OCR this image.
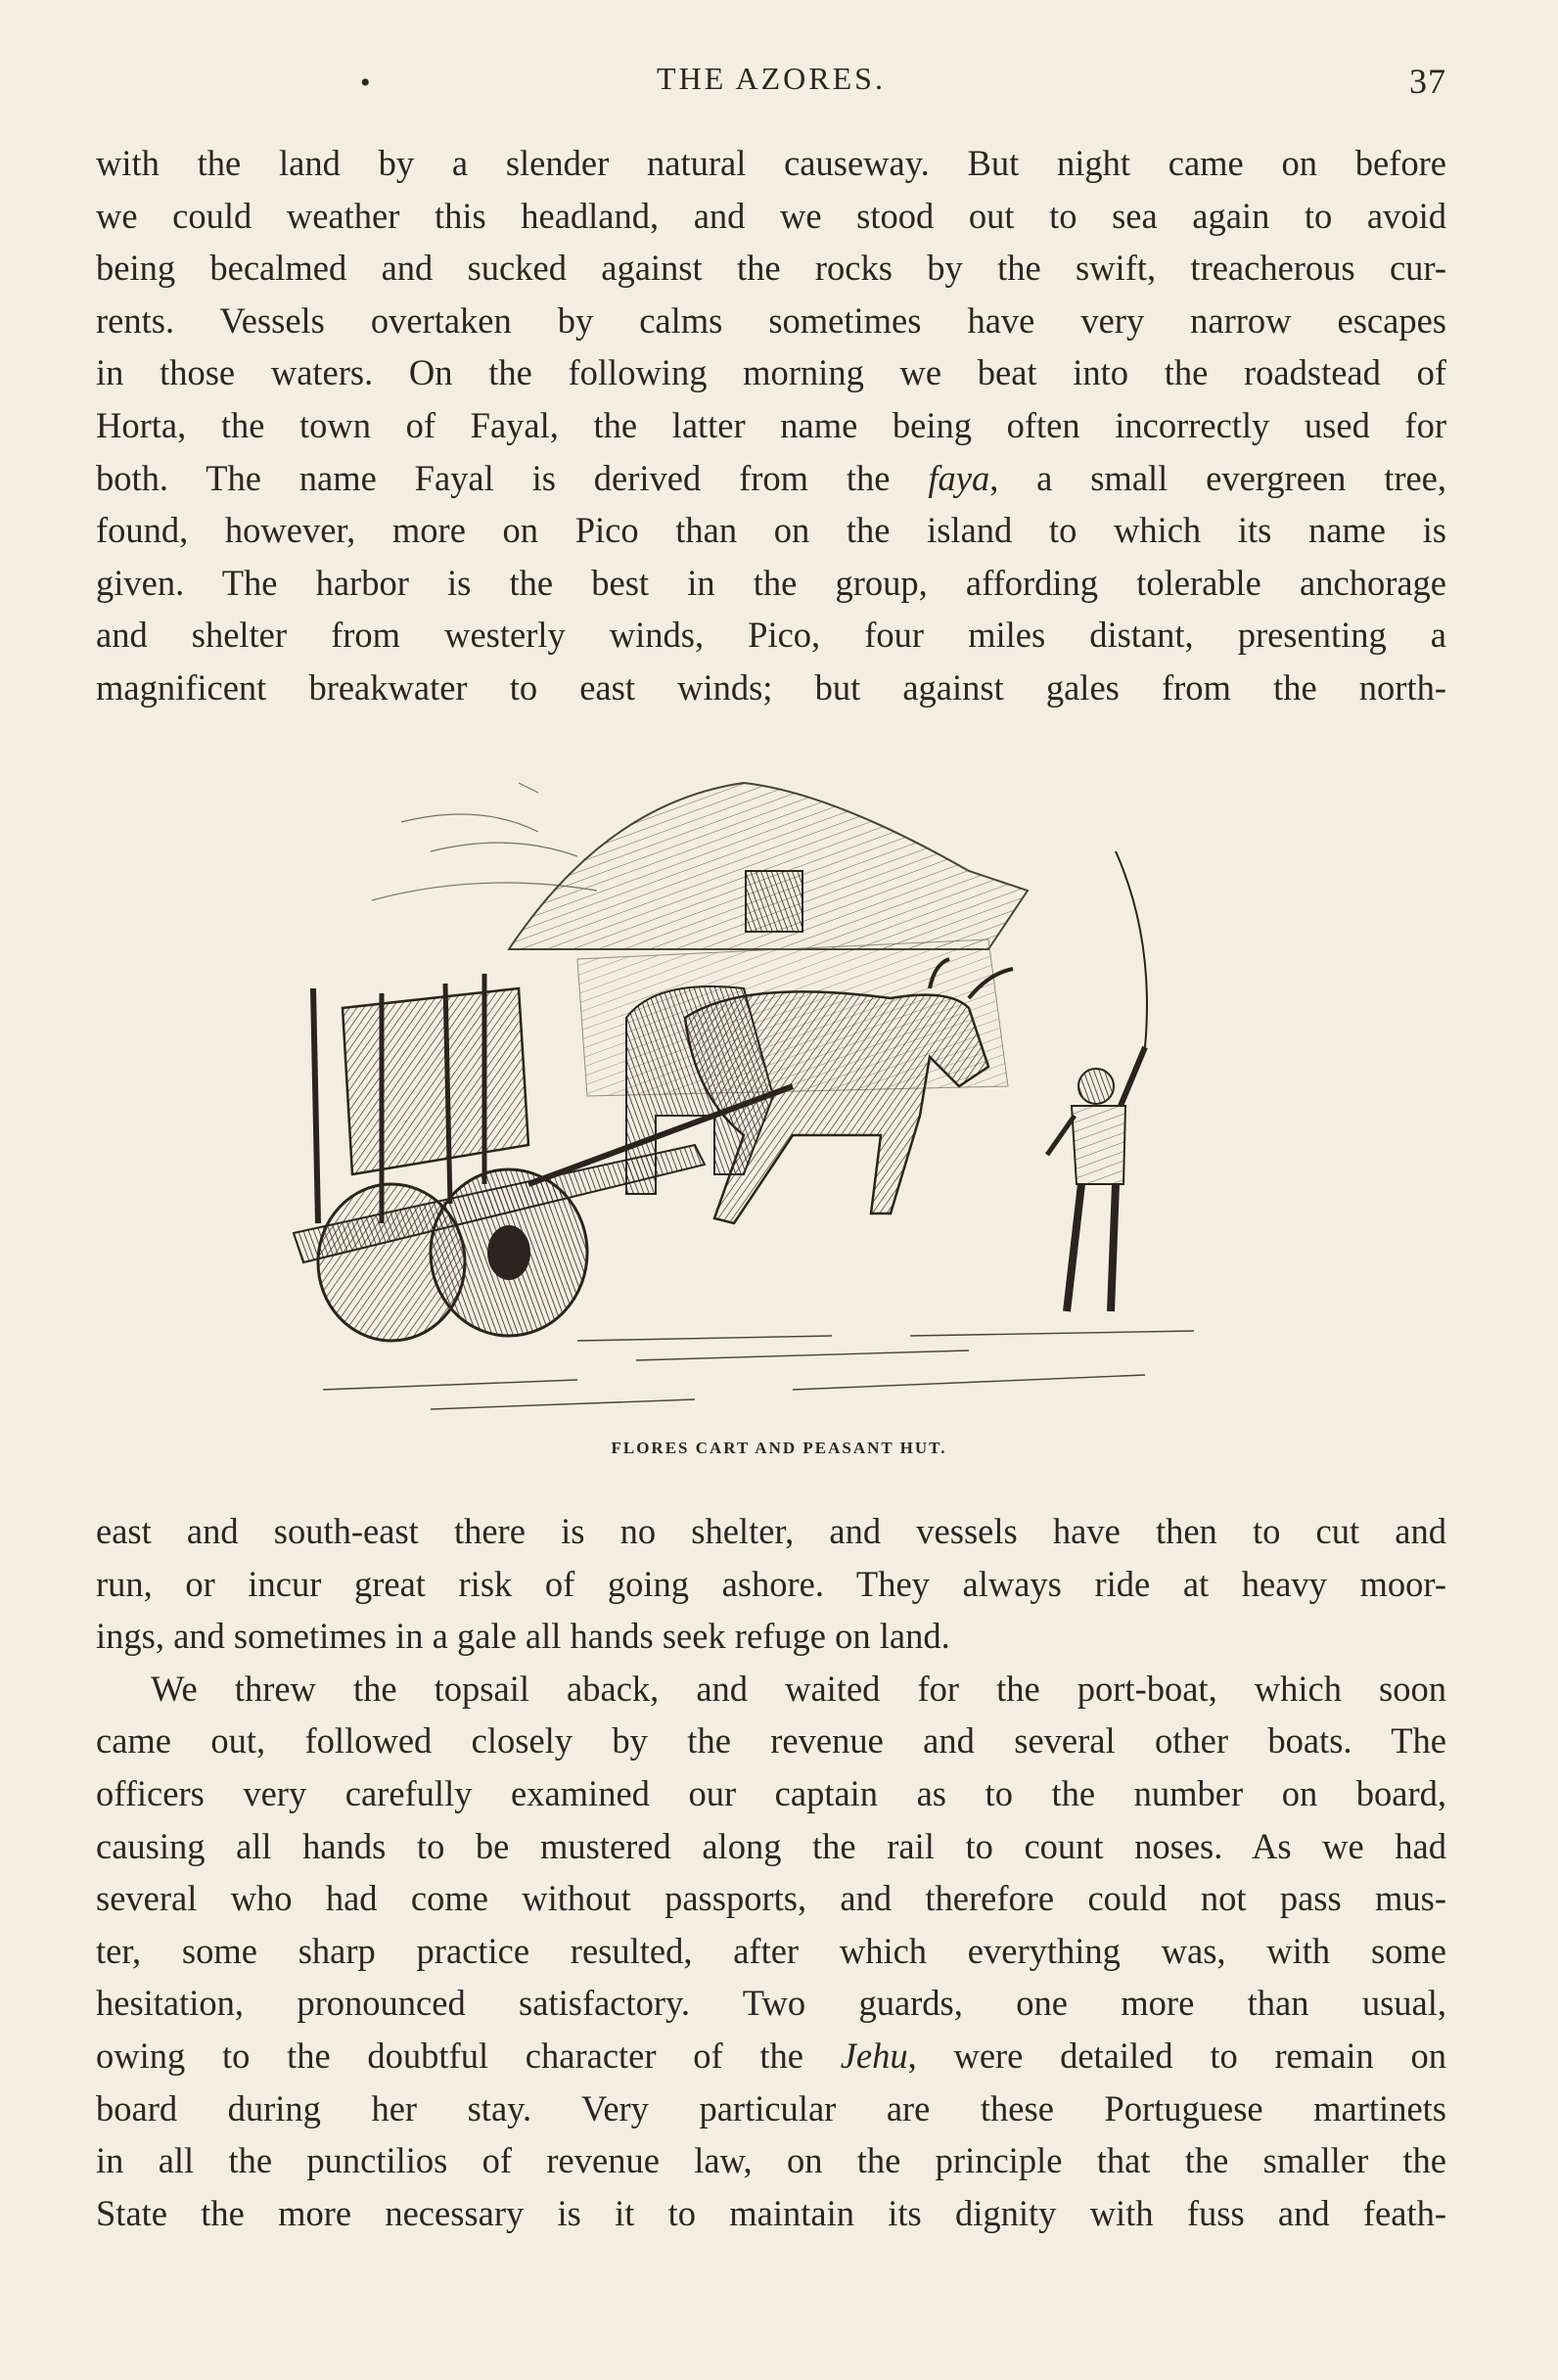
•	THE AZORES.	37

with the land by a slender natural causeway. But night came on before
we could weather this headland, and we stood out to sea again to avoid
being becalmed and sucked against the rocks by the swift, treacherous cur-
rents. Vessels overtaken by calms sometimes have very narrow escapes
in those waters. On the following morning we beat into the roadstead of
Horta, the town of Fayal, the latter name being often incorrectly used for
both. The name Fayal is derived from the faya, a small evergreen tree,
found, however, more on Pico than on the island to which its name is
given. The harbor is the best in the group, affording tolerable anchorage
and shelter from westerly winds, Pico, four miles distant, presenting a
magnificent breakwater to east winds; but against gales from the north-

FLORES CART AND PEASANT HUT.

east and south-east there is no shelter, and vessels have then to cut and
run, or incur great risk of going ashore. They always ride at heavy moor-
ings, and sometimes in a gale all hands seek refuge on land.

We threw the topsail aback, and waited for the port-boat, which soon
came out, followed closely by the revenue and several other boats. The
officers very carefully examined our captain as to the number on board,
causing all hands to be mustered along the rail to count noses. As we had
several who had come without passports, and therefore could not pass mus-
ter, some sharp practice resulted, after which everything was, with some
hesitation, pronounced satisfactory. Two guards, one more than usual,
owing to the doubtful character of the Jehu, were detailed to remain on
board during her stay. Very particular are these Portuguese martinets
in all the punctilios of revenue law, on the principle that the smaller the
State the more necessary is it to maintain its dignity with fuss and feath-
